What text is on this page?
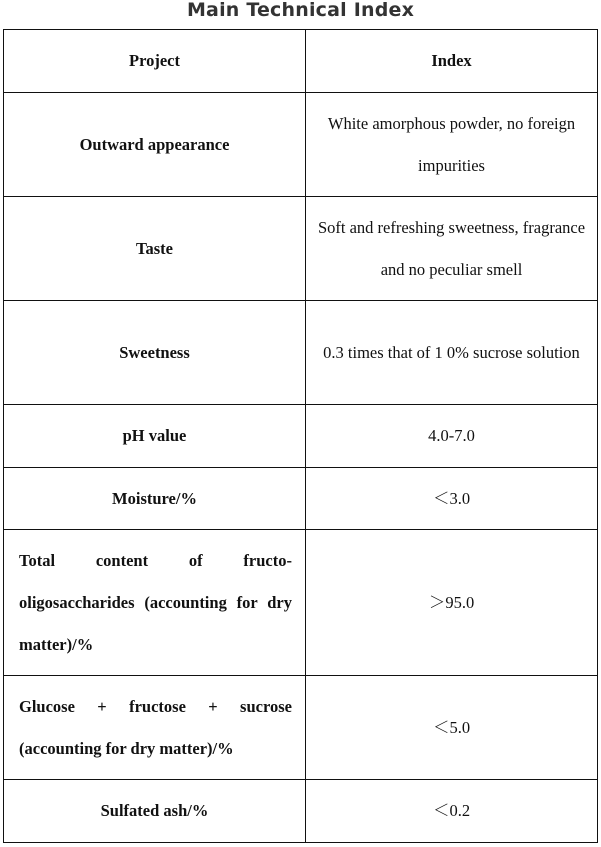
Main Technical Index
Project	Index
Outward appearance	White amorphous powder, no foreign impurities
Taste	Soft and refreshing sweetness, fragrance and no peculiar smell
Sweetness	0.3 times that of 1 0% sucrose solution
pH value	4.0-7.0
Moisture/%	＜3.0
Total content of fructo-oligosaccharides (accounting for dry matter)/%	＞95.0
Glucose + fructose + sucrose (accounting for dry matter)/%	＜5.0
Sulfated ash/%	＜0.2
